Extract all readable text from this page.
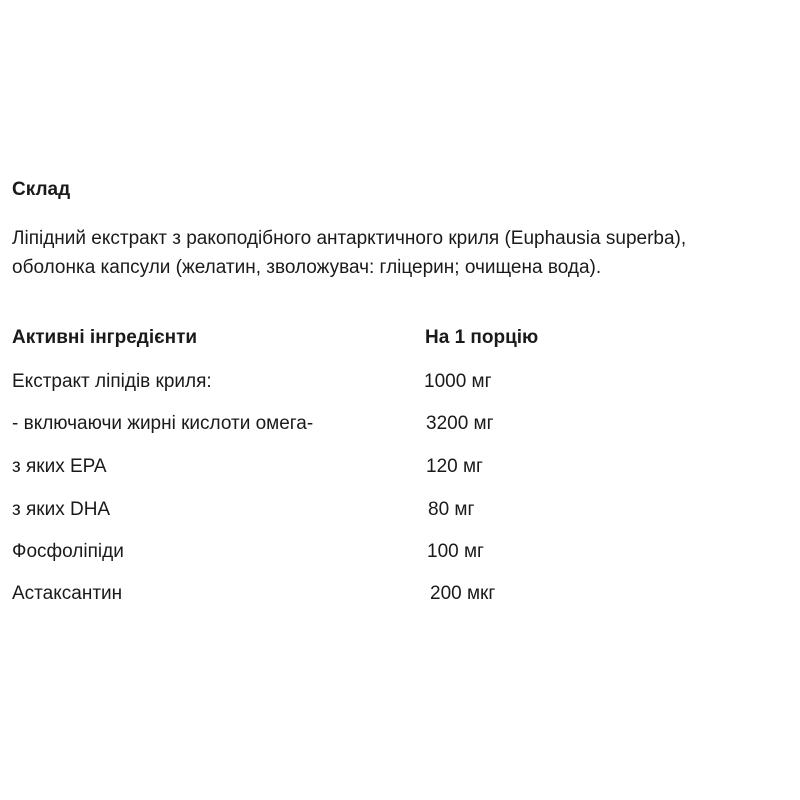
Склад
Ліпідний екстракт з ракоподібного антарктичного криля (Euphausia superba), оболонка капсули (желатин, зволожувач: гліцерин; очищена вода).
Активні інгредієнти	На 1 порцію
Екстракт ліпідів криля:	1000 мг
- включаючи жирні кислоти омега-	3200 мг
з яких EPA	120 мг
з яких DHA	80 мг
Фосфоліпіди	100 мг
Астаксантин	200 мкг
